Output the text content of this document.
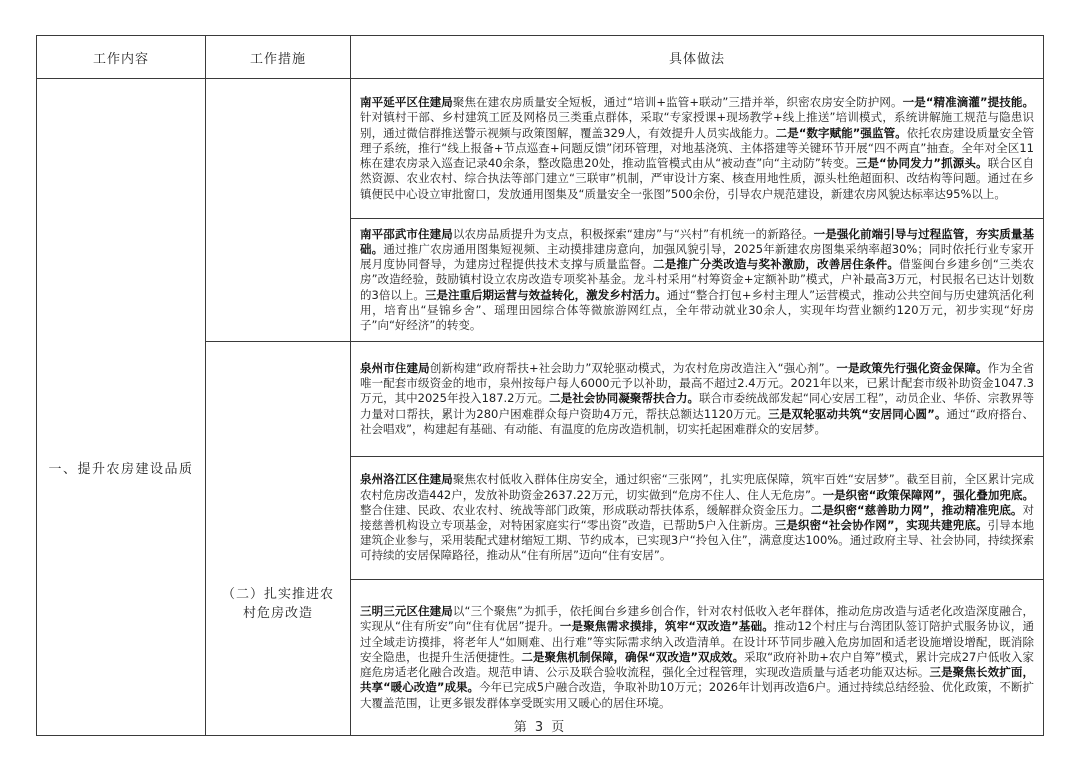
工作内容	工作措施	具体做法
一、提升农房建设品质		南平延平区住建局聚焦在建农房质量安全短板，通过“培训+监管+联动”三措并举，织密农房安全防护网。一是“精准滴灌”提技能。针对镇村干部、乡村建筑工匠及网格员三类重点群体，采取“专家授课+现场教学+线上推送”培训模式，系统讲解施工规范与隐患识别，通过微信群推送警示视频与政策图解，覆盖329人，有效提升人员实战能力。二是“数字赋能”强监管。依托农房建设质量安全管理子系统，推行“线上报备+节点巡查+问题反馈”闭环管理，对地基浇筑、主体搭建等关键环节开展“四不两直”抽查。全年对全区11栋在建农房录入巡查记录40余条，整改隐患20处，推动监管模式由从“被动查”向“主动防”转变。三是“协同发力”抓源头。联合区自然资源、农业农村、综合执法等部门建立“三联审”机制，严审设计方案、核查用地性质，源头杜绝超面积、改结构等问题。通过在乡镇便民中心设立审批窗口，发放通用图集及“质量安全一张图”500余份，引导农户规范建设，新建农房风貌达标率达95%以上。
		南平邵武市住建局以农房品质提升为支点，积极探索“建房”与“兴村”有机统一的新路径。一是强化前端引导与过程监管，夯实质量基础。通过推广农房通用图集短视频、主动摸排建房意向，加强风貌引导，2025年新建农房图集采纳率超30%；同时依托行业专家开展月度协同督导，为建房过程提供技术支撑与质量监督。二是推广分类改造与奖补激励，改善居住条件。借鉴闽台乡建乡创“三类农房”改造经验，鼓励镇村设立农房改造专项奖补基金。龙斗村采用“村筹资金+定额补助”模式，户补最高3万元，村民报名已达计划数的3倍以上。三是注重后期运营与效益转化，激发乡村活力。通过“整合打包+乡村主理人”运营模式，推动公共空间与历史建筑活化利用，培育出“昼锦乡舍”、瑶理田园综合体等微旅游网红点，全年带动就业30余人，实现年均营业额约120万元，初步实现“好房子”向“好经济”的转变。
	（二）扎实推进农村危房改造	泉州市住建局创新构建“政府帮扶+社会助力”双轮驱动模式，为农村危房改造注入“强心剂”。一是政策先行强化资金保障。作为全省唯一配套市级资金的地市，泉州按每户每人6000元予以补助，最高不超过2.4万元。2021年以来，已累计配套市级补助资金1047.3万元，其中2025年投入187.2万元。二是社会协同凝聚帮扶合力。联合市委统战部发起“同心安居工程”，动员企业、华侨、宗教界等力量对口帮扶，累计为280户困难群众每户资助4万元，帮扶总额达1120万元。三是双轮驱动共筑“安居同心圆”。通过“政府搭台、社会唱戏”，构建起有基础、有动能、有温度的危房改造机制，切实托起困难群众的安居梦。
		泉州洛江区住建局聚焦农村低收入群体住房安全，通过织密“三张网”，扎实兜底保障，筑牢百姓“安居梦”。截至目前，全区累计完成农村危房改造442户，发放补助资金2637.22万元，切实做到“危房不住人、住人无危房”。一是织密“政策保障网”，强化叠加兜底。整合住建、民政、农业农村、统战等部门政策，形成联动帮扶体系，缓解群众资金压力。二是织密“慈善助力网”，推动精准兜底。对接慈善机构设立专项基金，对特困家庭实行“零出资”改造，已帮助5户入住新房。三是织密“社会协作网”，实现共建兜底。引导本地建筑企业参与，采用装配式建材缩短工期、节约成本，已实现3户“拎包入住”，满意度达100%。通过政府主导、社会协同，持续探索可持续的安居保障路径，推动从“住有所居”迈向“住有安居”。
		三明三元区住建局以“三个聚焦”为抓手，依托闽台乡建乡创合作，针对农村低收入老年群体，推动危房改造与适老化改造深度融合，实现从“住有所安”向“住有优居”提升。一是聚焦需求摸排，筑牢“双改造”基础。推动12个村庄与台湾团队签订陪护式服务协议，通过全域走访摸排，将老年人“如厕难、出行难”等实际需求纳入改造清单。在设计环节同步融入危房加固和适老设施增设增配，既消除安全隐患，也提升生活便捷性。二是聚焦机制保障，确保“双改造”双成效。采取“政府补助+农户自筹”模式，累计完成27户低收入家庭危房适老化融合改造。规范申请、公示及联合验收流程，强化全过程管理，实现改造质量与适老功能双达标。三是聚焦长效扩面，共享“暖心改造”成果。今年已完成5户融合改造，争取补助10万元；2026年计划再改造6户。通过持续总结经验、优化政策，不断扩大覆盖范围，让更多银发群体享受既实用又暖心的居住环境。
第 3 页
